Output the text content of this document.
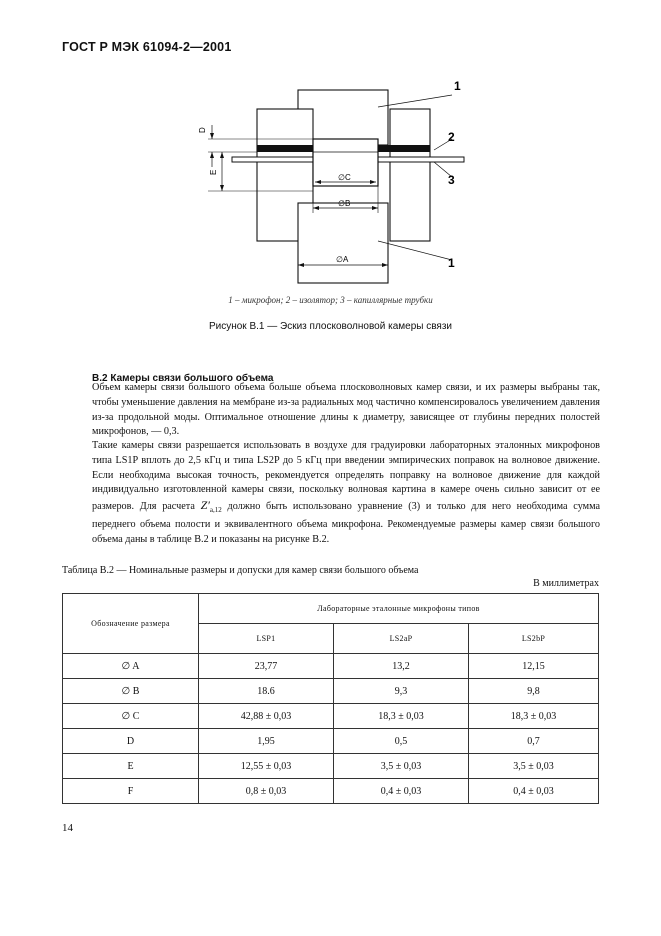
ГОСТ Р МЭК 61094-2—2001
∅C
∅B
∅A
D
E
1
2
3
1
1 – микрофон; 2 – изолятор; 3 – капиллярные трубки
Рисунок В.1 — Эскиз плосковолновой камеры связи
В.2 Камеры связи большого объема
Объем камеры связи большого объема больше объема плосковолновых камер связи, и их размеры выбраны так, чтобы уменьшение давления на мембране из-за радиальных мод частично компенсировалось увеличением давления из-за продольной моды. Оптимальное отношение длины к диаметру, зависящее от глубины передних полостей микрофонов, — 0,3.
Такие камеры связи разрешается использовать в воздухе для градуировки лабораторных эталонных микрофонов типа LS1P вплоть до 2,5 кГц и типа LS2P до 5 кГц при введении эмпирических поправок на волновое движение. Если необходима высокая точность, рекомендуется определять поправку на волновое движение для каждой индивидуально изготовленной камеры связи, поскольку волновая картина в камере очень сильно зависит от ее размеров. Для расчета $Z'_{a,12}$ должно быть использовано уравнение (3) и только для него необходима сумма переднего объема полости и эквивалентного объема микрофона. Рекомендуемые размеры камер связи большого объема даны в таблице В.2 и показаны на рисунке В.2.
Таблица В.2 — Номинальные размеры и допуски для камер связи большого объема
В миллиметрах
Обозначение размера	Лабораторные эталонные микрофоны типов		
	LSP1	LS2aP	LS2bP
∅ A	23,77	13,2	12,15
∅ B	18.6	9,3	9,8
∅ C	42,88 ± 0,03	18,3 ± 0,03	18,3 ± 0,03
D	1,95	0,5	0,7
E	12,55 ± 0,03	3,5 ± 0,03	3,5 ± 0,03
F	0,8 ± 0,03	0,4 ± 0,03	0,4 ± 0,03
14
